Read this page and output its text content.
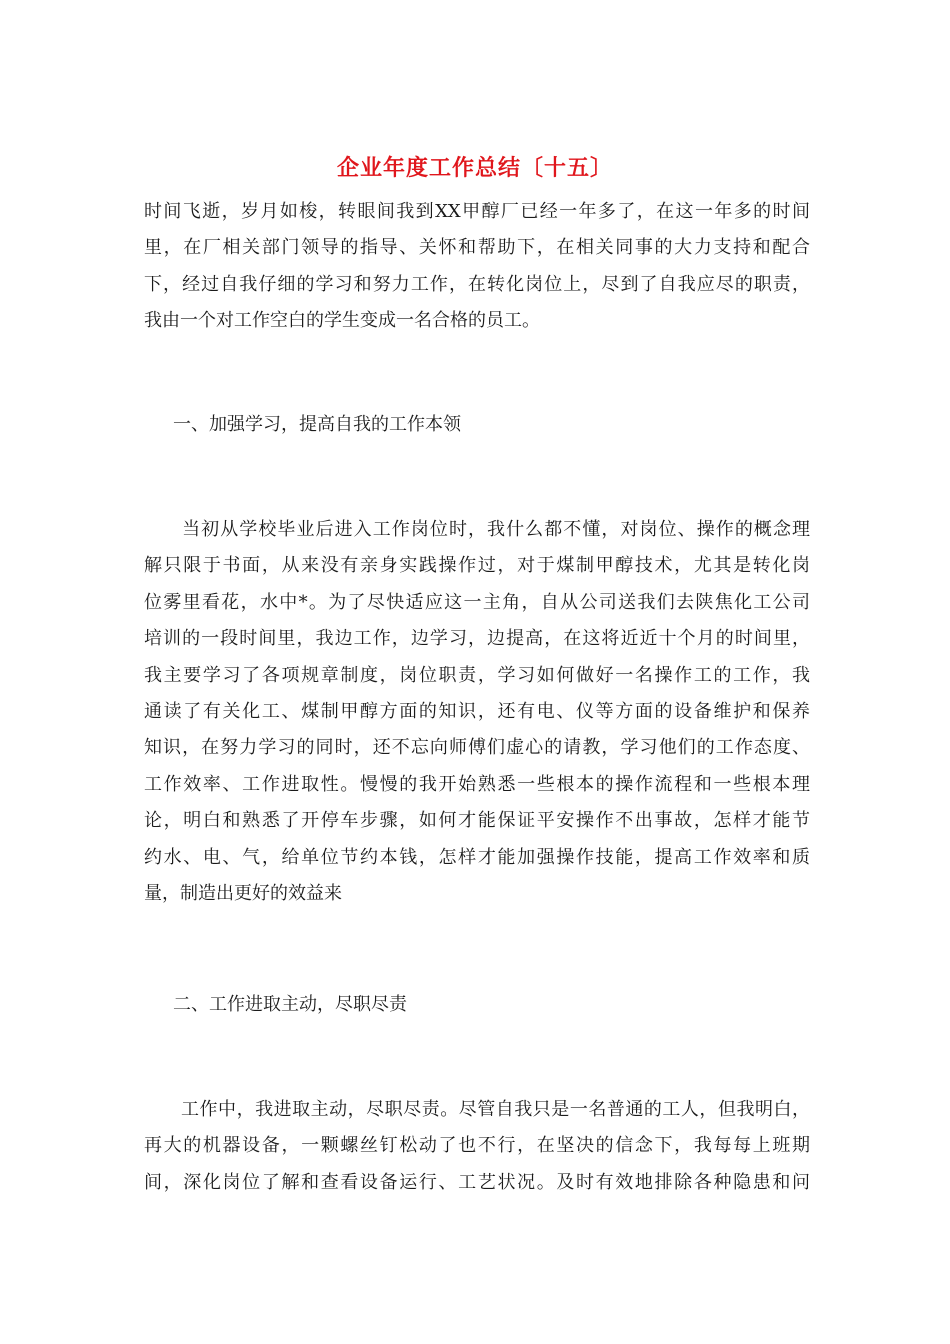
企业年度工作总结〔十五〕
时间飞逝，岁月如梭，转眼间我到XX甲醇厂已经一年多了，在这一年多的时间
里，在厂相关部门领导的指导、关怀和帮助下，在相关同事的大力支持和配合
下，经过自我仔细的学习和努力工作，在转化岗位上，尽到了自我应尽的职责，
我由一个对工作空白的学生变成一名合格的员工。
一、加强学习，提高自我的工作本领
　　当初从学校毕业后进入工作岗位时，我什么都不懂，对岗位、操作的概念理
解只限于书面，从来没有亲身实践操作过，对于煤制甲醇技术，尤其是转化岗
位雾里看花，水中*。为了尽快适应这一主角，自从公司送我们去陕焦化工公司
培训的一段时间里，我边工作，边学习，边提高，在这将近近十个月的时间里，
我主要学习了各项规章制度，岗位职责，学习如何做好一名操作工的工作，我
通读了有关化工、煤制甲醇方面的知识，还有电、仪等方面的设备维护和保养
知识，在努力学习的同时，还不忘向师傅们虚心的请教，学习他们的工作态度、
工作效率、工作进取性。慢慢的我开始熟悉一些根本的操作流程和一些根本理
论，明白和熟悉了开停车步骤，如何才能保证平安操作不出事故，怎样才能节
约水、电、气，给单位节约本钱，怎样才能加强操作技能，提高工作效率和质
量，制造出更好的效益来
二、工作进取主动，尽职尽责
　　工作中，我进取主动，尽职尽责。尽管自我只是一名普通的工人，但我明白，
再大的机器设备，一颗螺丝钉松动了也不行，在坚决的信念下，我每每上班期
间，深化岗位了解和查看设备运行、工艺状况。及时有效地排除各种隐患和问
